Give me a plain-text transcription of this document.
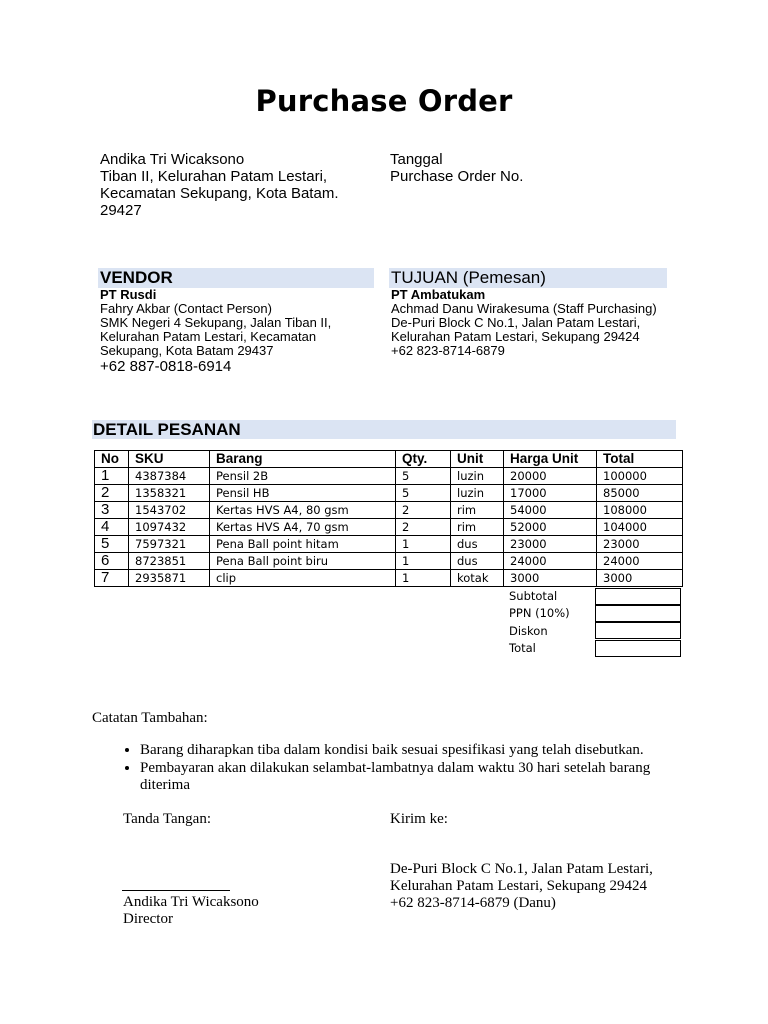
Purchase Order
Andika Tri Wicaksono
Tiban II, Kelurahan Patam Lestari,
Kecamatan Sekupang, Kota Batam.
29427
Tanggal
Purchase Order No.
VENDOR
PT Rusdi
Fahry Akbar (Contact Person)
SMK Negeri 4 Sekupang, Jalan Tiban II,
Kelurahan Patam Lestari, Kecamatan
Sekupang, Kota Batam 29437
+62 887-0818-6914
TUJUAN (Pemesan)
PT Ambatukam
Achmad Danu Wirakesuma (Staff Purchasing)
De-Puri Block C No.1, Jalan Patam Lestari,
Kelurahan Patam Lestari, Sekupang 29424
+62 823-8714-6879
DETAIL PESANAN
No	SKU	Barang	Qty.	Unit	Harga Unit	Total
1	4387384	Pensil 2B	5	luzin	20000	100000
2	1358321	Pensil HB	5	luzin	17000	85000
3	1543702	Kertas HVS A4, 80 gsm	2	rim	54000	108000
4	1097432	Kertas HVS A4, 70 gsm	2	rim	52000	104000
5	7597321	Pena Ball point hitam	1	dus	23000	23000
6	8723851	Pena Ball point biru	1	dus	24000	24000
7	2935871	clip	1	kotak	3000	3000
Subtotal
PPN (10%)
Diskon
Total
Catatan Tambahan:
• Barang diharapkan tiba dalam kondisi baik sesuai spesifikasi yang telah disebutkan.
• Pembayaran akan dilakukan selambat-lambatnya dalam waktu 30 hari setelah barang diterima
Tanda Tangan:
Andika Tri Wicaksono
Director
Kirim ke:
De-Puri Block C No.1, Jalan Patam Lestari,
Kelurahan Patam Lestari, Sekupang 29424
+62 823-8714-6879 (Danu)
